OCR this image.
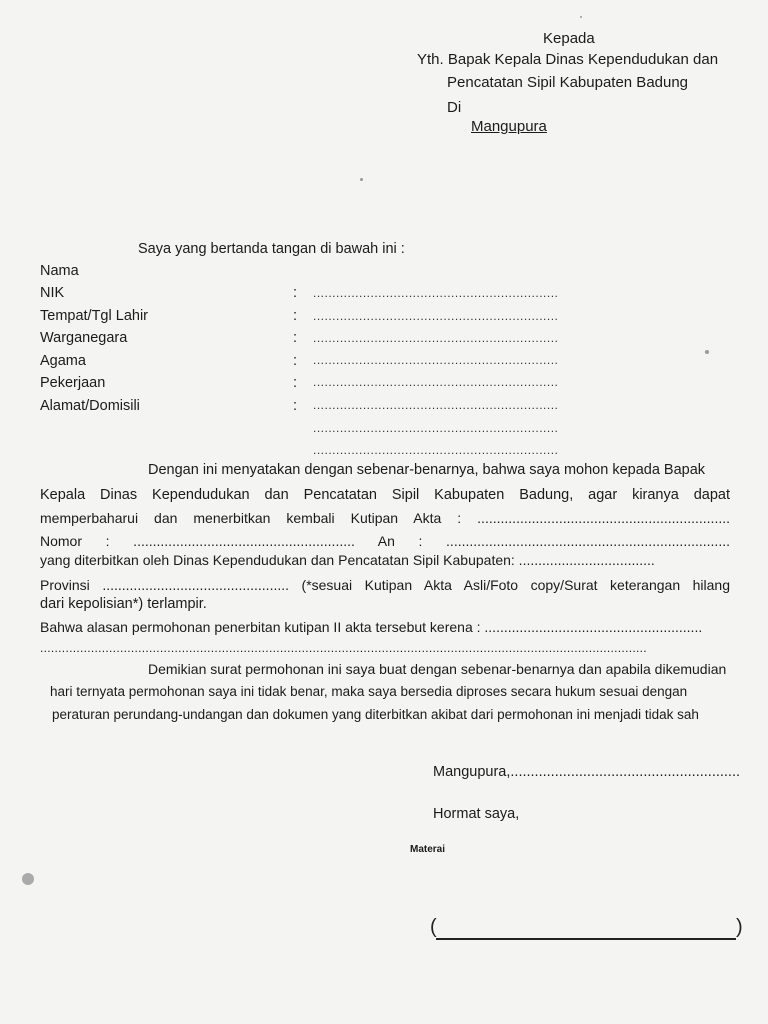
Kepada
Yth. Bapak Kepala Dinas Kependudukan dan
Pencatatan Sipil Kabupaten Badung
Di
Mangupura
Saya yang bertanda tangan di bawah ini :
Nama
NIK	: ................................................................
Tempat/Tgl Lahir	: ................................................................
Warganegara	: ................................................................
Agama	: ................................................................
Pekerjaan	: ................................................................
Alamat/Domisili	: ................................................................
................................................................
................................................................
Dengan ini menyatakan dengan sebenar-benarnya, bahwa saya mohon kepada Bapak
Kepala Dinas Kependudukan dan Pencatatan Sipil Kabupaten Badung, agar kiranya dapat
memperbaharui dan menerbitkan kembali Kutipan Akta : .................................................................
Nomor : ......................................................... An : .........................................................................
yang diterbitkan oleh Dinas Kependudukan dan Pencatatan Sipil Kabupaten: ...................................
Provinsi ................................................ (*sesuai Kutipan Akta Asli/Foto copy/Surat keterangan hilang
dari kepolisian*) terlampir.
Bahwa alasan permohonan penerbitan kutipan II akta tersebut kerena : ........................................................
.......................................................................................................................................................................
Demikian surat permohonan ini saya buat dengan sebenar-benarnya dan apabila dikemudian
hari ternyata permohonan saya ini tidak benar, maka saya bersedia diproses secara hukum sesuai dengan
peraturan perundang-undangan dan dokumen yang diterbitkan akibat dari permohonan ini menjadi tidak sah
Mangupura,.........................................................
Hormat saya,
Materai
(	)
